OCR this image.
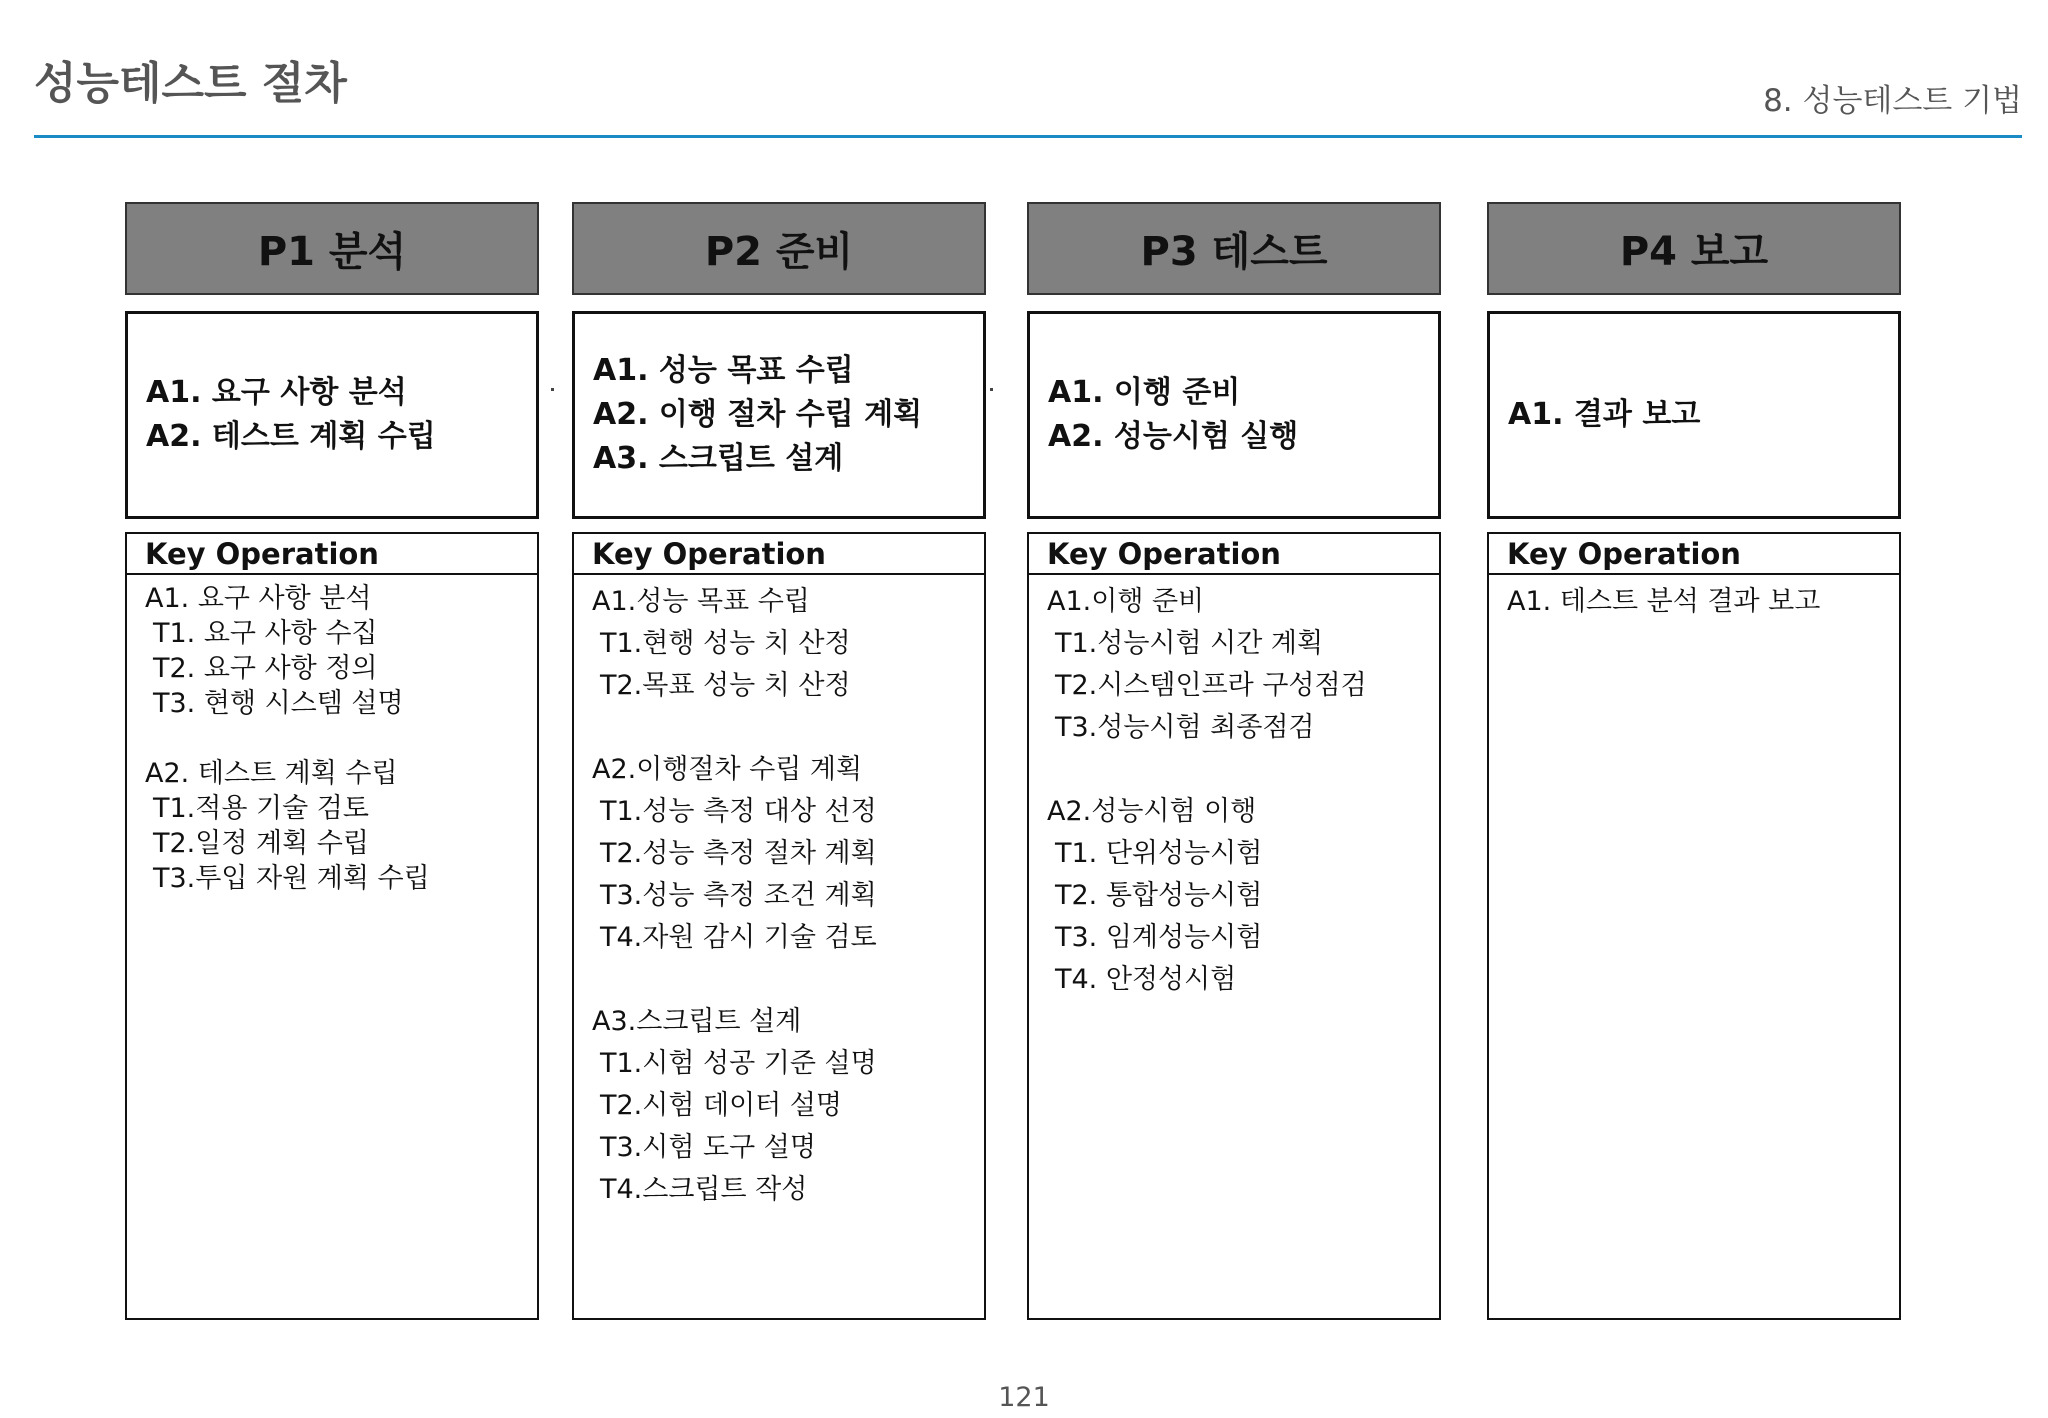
성능테스트 절차	8. 성능테스트 기법
P1 분석
A1. 요구 사항 분석
A2. 테스트 계획 수립
Key Operation
A1. 요구 사항 분석
T1. 요구 사항 수집
T2. 요구 사항 정의
T3. 현행 시스템 설명
A2. 테스트 계획 수립
T1.적용 기술 검토
T2.일정 계획 수립
T3.투입 자원 계획 수립
P2 준비
A1. 성능 목표 수립
A2. 이행 절차 수립 계획
A3. 스크립트 설계
Key Operation
A1.성능 목표 수립
T1.현행 성능 치 산정
T2.목표 성능 치 산정
A2.이행절차 수립 계획
T1.성능 측정 대상 선정
T2.성능 측정 절차 계획
T3.성능 측정 조건 계획
T4.자원 감시 기술 검토
A3.스크립트 설계
T1.시험 성공 기준 설명
T2.시험 데이터 설명
T3.시험 도구 설명
T4.스크립트 작성
P3 테스트
A1. 이행 준비
A2. 성능시험 실행
Key Operation
A1.이행 준비
T1.성능시험 시간 계획
T2.시스템인프라 구성점검
T3.성능시험 최종점검
A2.성능시험 이행
T1. 단위성능시험
T2. 통합성능시험
T3. 임계성능시험
T4. 안정성시험
P4 보고
A1. 결과 보고
Key Operation
A1. 테스트 분석 결과 보고
121
